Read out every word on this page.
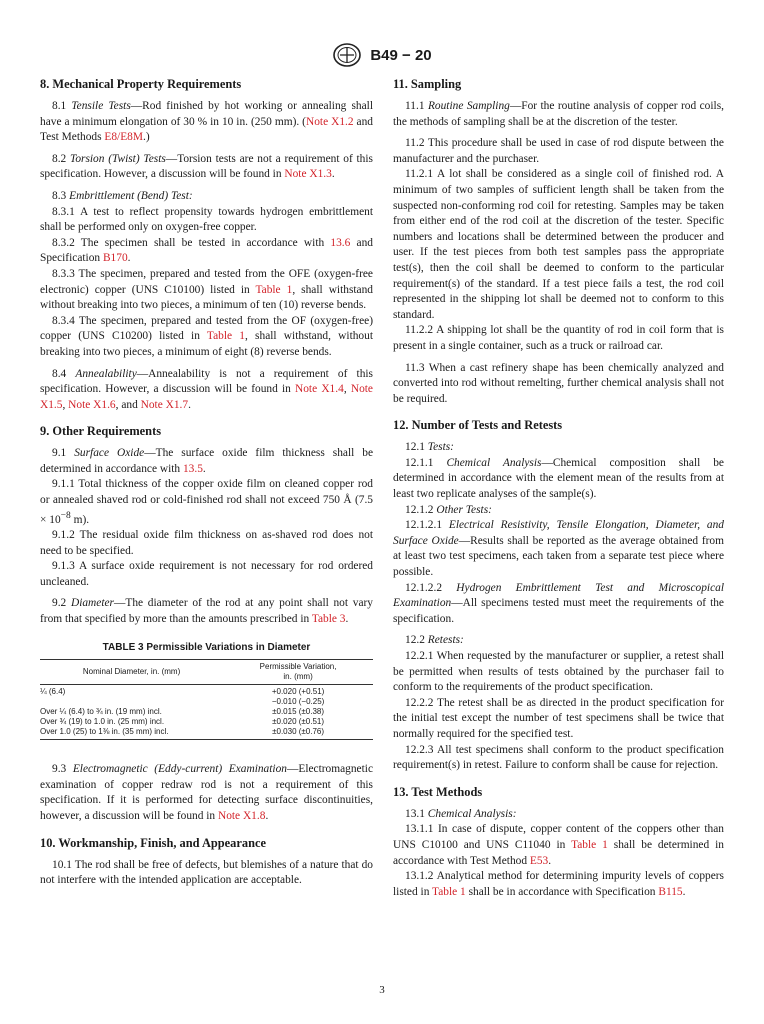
B49 − 20
8. Mechanical Property Requirements

8.1 Tensile Tests—Rod finished by hot working or annealing shall have a minimum elongation of 30 % in 10 in. (250 mm). (Note X1.2 and Test Methods E8/E8M.)

8.2 Torsion (Twist) Tests—Torsion tests are not a requirement of this specification. However, a discussion will be found in Note X1.3.

8.3 Embrittlement (Bend) Test:

8.3.1 A test to reflect propensity towards hydrogen embrittlement shall be performed only on oxygen-free copper.

8.3.2 The specimen shall be tested in accordance with 13.6 and Specification B170.

8.3.3 The specimen, prepared and tested from the OFE (oxygen-free electronic) copper (UNS C10100) listed in Table 1, shall withstand without breaking into two pieces, a minimum of ten (10) reverse bends.

8.3.4 The specimen, prepared and tested from the OF (oxygen-free) copper (UNS C10200) listed in Table 1, shall withstand, without breaking into two pieces, a minimum of eight (8) reverse bends.

8.4 Annealability—Annealability is not a requirement of this specification. However, a discussion will be found in Note X1.4, Note X1.5, Note X1.6, and Note X1.7.

9. Other Requirements

9.1 Surface Oxide—The surface oxide film thickness shall be determined in accordance with 13.5.

9.1.1 Total thickness of the copper oxide film on cleaned copper rod or annealed shaved rod or cold-finished rod shall not exceed 750 Å ($7.5 \times 10^{-8}$ m).

9.1.2 The residual oxide film thickness on as-shaved rod does not need to be specified.

9.1.3 A surface oxide requirement is not necessary for rod ordered uncleaned.

9.2 Diameter—The diameter of the rod at any point shall not vary from that specified by more than the amounts prescribed in Table 3.

TABLE 3 Permissible Variations in Diameter
Nominal Diameter, in. (mm)	Permissible Variation,
in. (mm)
¼ (6.4)	+0.020 (+0.51)
−0.010 (−0.25)
Over ¼ (6.4) to ¾ in. (19 mm) incl.	±0.015 (±0.38)
Over ¾ (19) to 1.0 in. (25 mm) incl.	±0.020 (±0.51)
Over 1.0 (25) to 1⅜ in. (35 mm) incl.	±0.030 (±0.76)

9.3 Electromagnetic (Eddy-current) Examination—Electromagnetic examination of copper redraw rod is not a requirement of this specification. If it is performed for detecting surface discontinuities, however, a discussion will be found in Note X1.8.

10. Workmanship, Finish, and Appearance

10.1 The rod shall be free of defects, but blemishes of a nature that do not interfere with the intended application are acceptable.

11. Sampling

11.1 Routine Sampling—For the routine analysis of copper rod coils, the methods of sampling shall be at the discretion of the tester.

11.2 This procedure shall be used in case of rod dispute between the manufacturer and the purchaser.

11.2.1 A lot shall be considered as a single coil of finished rod. A minimum of two samples of sufficient length shall be taken from the suspected non-conforming rod coil for retesting. Samples may be taken from either end of the rod coil at the discretion of the tester. Specific numbers and locations shall be determined between the producer and user. If the test pieces from both test samples pass the appropriate test(s), then the coil shall be deemed to conform to the particular requirement(s) of the standard. If a test piece fails a test, the rod coil represented in the shipping lot shall be deemed not to conform to this standard.

11.2.2 A shipping lot shall be the quantity of rod in coil form that is present in a single container, such as a truck or railroad car.

11.3 When a cast refinery shape has been chemically analyzed and converted into rod without remelting, further chemical analysis shall not be required.

12. Number of Tests and Retests

12.1 Tests:

12.1.1 Chemical Analysis—Chemical composition shall be determined in accordance with the element mean of the results from at least two replicate analyses of the sample(s).

12.1.2 Other Tests:

12.1.2.1 Electrical Resistivity, Tensile Elongation, Diameter, and Surface Oxide—Results shall be reported as the average obtained from at least two test specimens, each taken from a separate test piece where possible.

12.1.2.2 Hydrogen Embrittlement Test and Microscopical Examination—All specimens tested must meet the requirements of the specification.

12.2 Retests:

12.2.1 When requested by the manufacturer or supplier, a retest shall be permitted when results of tests obtained by the purchaser fail to conform to the requirements of the product specification.

12.2.2 The retest shall be as directed in the product specification for the initial test except the number of test specimens shall be twice that normally required for the specified test.

12.2.3 All test specimens shall conform to the product specification requirement(s) in retest. Failure to conform shall be cause for rejection.

13. Test Methods

13.1 Chemical Analysis:

13.1.1 In case of dispute, copper content of the coppers other than UNS C10100 and UNS C11040 in Table 1 shall be determined in accordance with Test Method E53.

13.1.2 Analytical method for determining impurity levels of coppers listed in Table 1 shall be in accordance with Specification B115.

3
